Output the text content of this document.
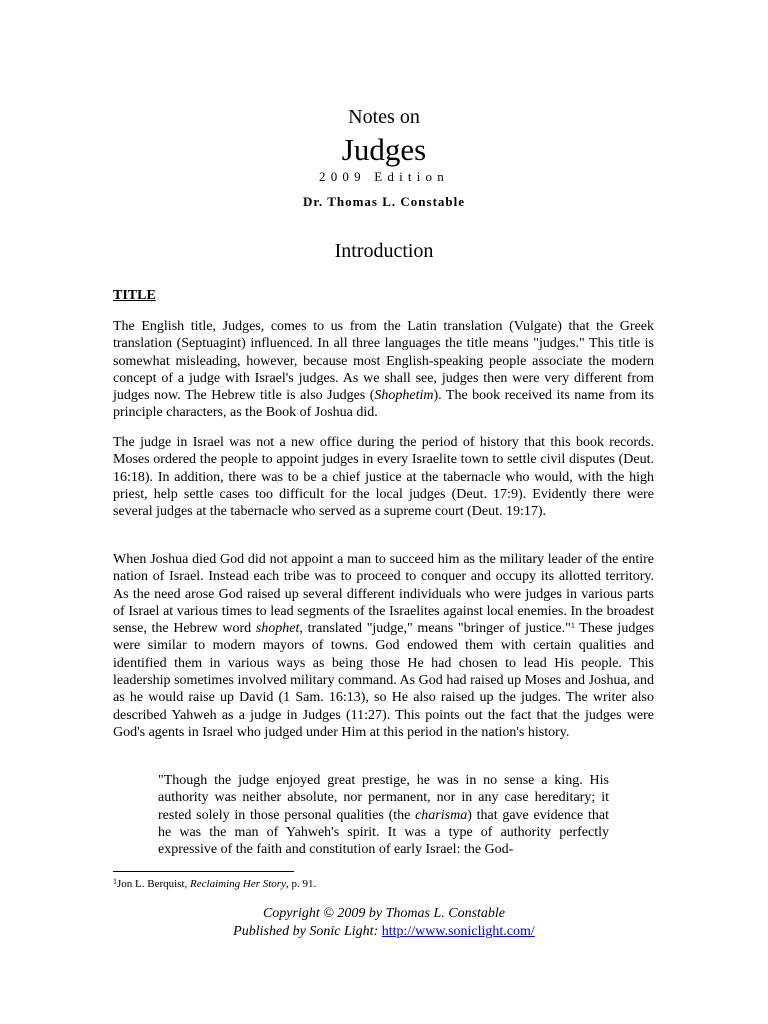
Notes on
Judges
2009 Edition
Dr. Thomas L. Constable
Introduction
TITLE
The English title, Judges, comes to us from the Latin translation (Vulgate) that the Greek translation (Septuagint) influenced. In all three languages the title means "judges." This title is somewhat misleading, however, because most English-speaking people associate the modern concept of a judge with Israel's judges. As we shall see, judges then were very different from judges now. The Hebrew title is also Judges (Shophetim). The book received its name from its principle characters, as the Book of Joshua did.
The judge in Israel was not a new office during the period of history that this book records. Moses ordered the people to appoint judges in every Israelite town to settle civil disputes (Deut. 16:18). In addition, there was to be a chief justice at the tabernacle who would, with the high priest, help settle cases too difficult for the local judges (Deut. 17:9). Evidently there were several judges at the tabernacle who served as a supreme court (Deut. 19:17).
When Joshua died God did not appoint a man to succeed him as the military leader of the entire nation of Israel. Instead each tribe was to proceed to conquer and occupy its allotted territory. As the need arose God raised up several different individuals who were judges in various parts of Israel at various times to lead segments of the Israelites against local enemies. In the broadest sense, the Hebrew word shophet, translated "judge," means "bringer of justice."$^1$ These judges were similar to modern mayors of towns. God endowed them with certain qualities and identified them in various ways as being those He had chosen to lead His people. This leadership sometimes involved military command. As God had raised up Moses and Joshua, and as he would raise up David (1 Sam. 16:13), so He also raised up the judges. The writer also described Yahweh as a judge in Judges (11:27). This points out the fact that the judges were God's agents in Israel who judged under Him at this period in the nation's history.
"Though the judge enjoyed great prestige, he was in no sense a king. His authority was neither absolute, nor permanent, nor in any case hereditary; it rested solely in those personal qualities (the charisma) that gave evidence that he was the man of Yahweh's spirit. It was a type of authority perfectly expressive of the faith and constitution of early Israel: the God-
$^1$Jon L. Berquist, Reclaiming Her Story, p. 91.
Copyright © 2009 by Thomas L. Constable
Published by Sonic Light: http://www.soniclight.com/
